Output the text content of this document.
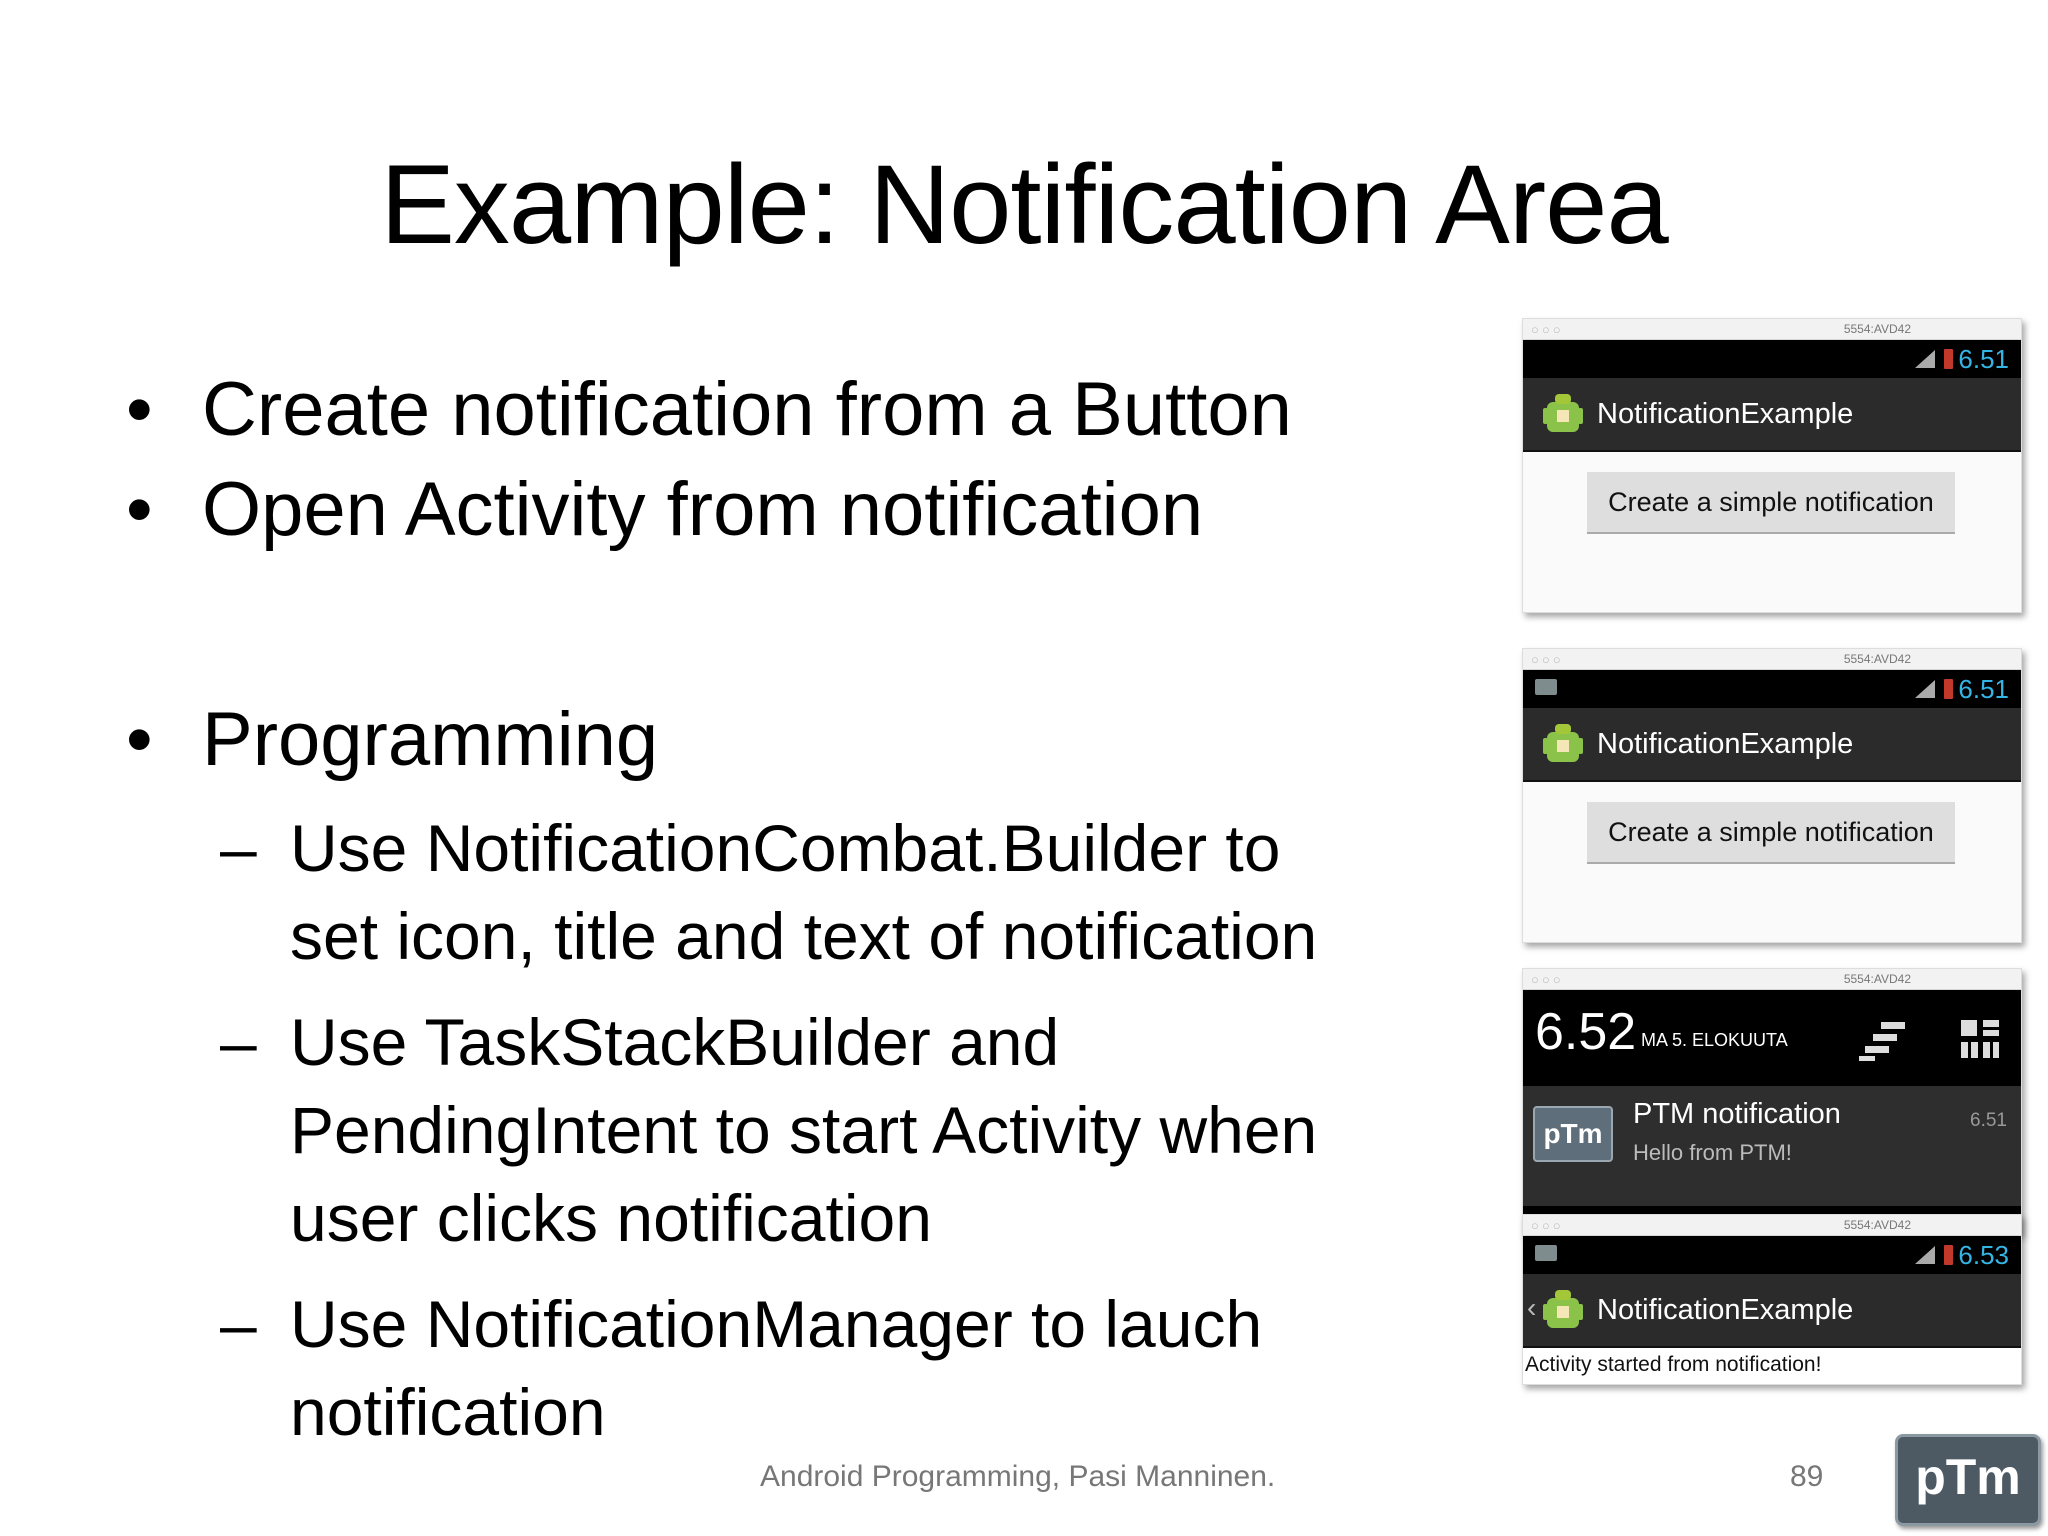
Example: Notification Area
• Create notification from a Button
• Open Activity from notification
• Programming
– Use NotificationCombat.Builder to
set icon, title and text of notification
– Use TaskStackBuilder and
PendingIntent to start Activity when
user clicks notification
– Use NotificationManager to lauch
notification
○○○	5554:AVD42
6.51
NotificationExample
Create a simple notification
○○○	5554:AVD42
6.51
NotificationExample
Create a simple notification
○○○	5554:AVD42
6.52 MA 5. ELOKUUTA
pTm
PTM notification
Hello from PTM!
6.51
○○○	5554:AVD42
6.53
‹ NotificationExample
Activity started from notification!
Android Programming, Pasi Manninen.	89	pTm
